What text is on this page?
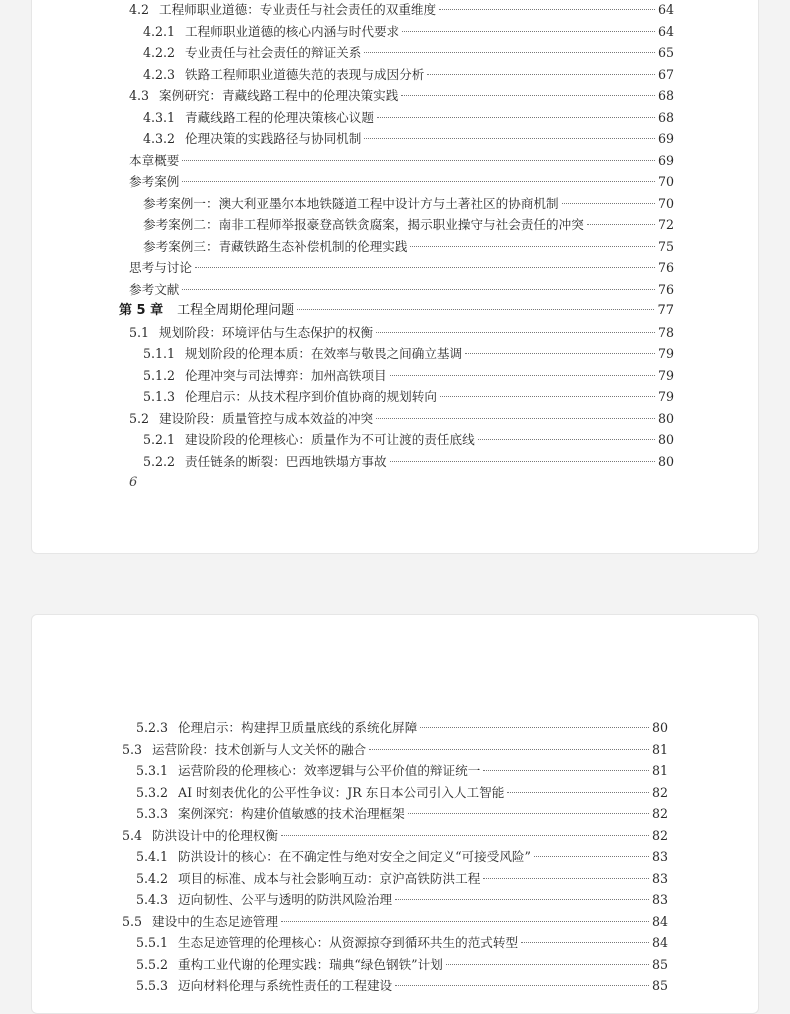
4.2 工程师职业道德：专业责任与社会责任的双重维度	64
4.2.1 工程师职业道德的核心内涵与时代要求	64
4.2.2 专业责任与社会责任的辩证关系	65
4.2.3 铁路工程师职业道德失范的表现与成因分析	67
4.3 案例研究：青藏线路工程中的伦理决策实践	68
4.3.1 青藏线路工程的伦理决策核心议题	68
4.3.2 伦理决策的实践路径与协同机制	69
本章概要	69
参考案例	70
参考案例一：澳大利亚墨尔本地铁隧道工程中设计方与土著社区的协商机制	70
参考案例二：南非工程师举报豪登高铁贪腐案，揭示职业操守与社会责任的冲突	72
参考案例三：青藏铁路生态补偿机制的伦理实践	75
思考与讨论	76
参考文献	76
第 5 章 工程全周期伦理问题	77
5.1 规划阶段：环境评估与生态保护的权衡	78
5.1.1 规划阶段的伦理本质：在效率与敬畏之间确立基调	79
5.1.2 伦理冲突与司法博弈：加州高铁项目	79
5.1.3 伦理启示：从技术程序到价值协商的规划转向	79
5.2 建设阶段：质量管控与成本效益的冲突	80
5.2.1 建设阶段的伦理核心：质量作为不可让渡的责任底线	80
5.2.2 责任链条的断裂：巴西地铁塌方事故	80
6
5.2.3 伦理启示：构建捍卫质量底线的系统化屏障	80
5.3 运营阶段：技术创新与人文关怀的融合	81
5.3.1 运营阶段的伦理核心：效率逻辑与公平价值的辩证统一	81
5.3.2 AI 时刻表优化的公平性争议：JR 东日本公司引入人工智能	82
5.3.3 案例深究：构建价值敏感的技术治理框架	82
5.4 防洪设计中的伦理权衡	82
5.4.1 防洪设计的核心：在不确定性与绝对安全之间定义“可接受风险”	83
5.4.2 项目的标准、成本与社会影响互动：京沪高铁防洪工程	83
5.4.3 迈向韧性、公平与透明的防洪风险治理	83
5.5 建设中的生态足迹管理	84
5.5.1 生态足迹管理的伦理核心：从资源掠夺到循环共生的范式转型	84
5.5.2 重构工业代谢的伦理实践：瑞典“绿色钢铁”计划	85
5.5.3 迈向材料伦理与系统性责任的工程建设	85
